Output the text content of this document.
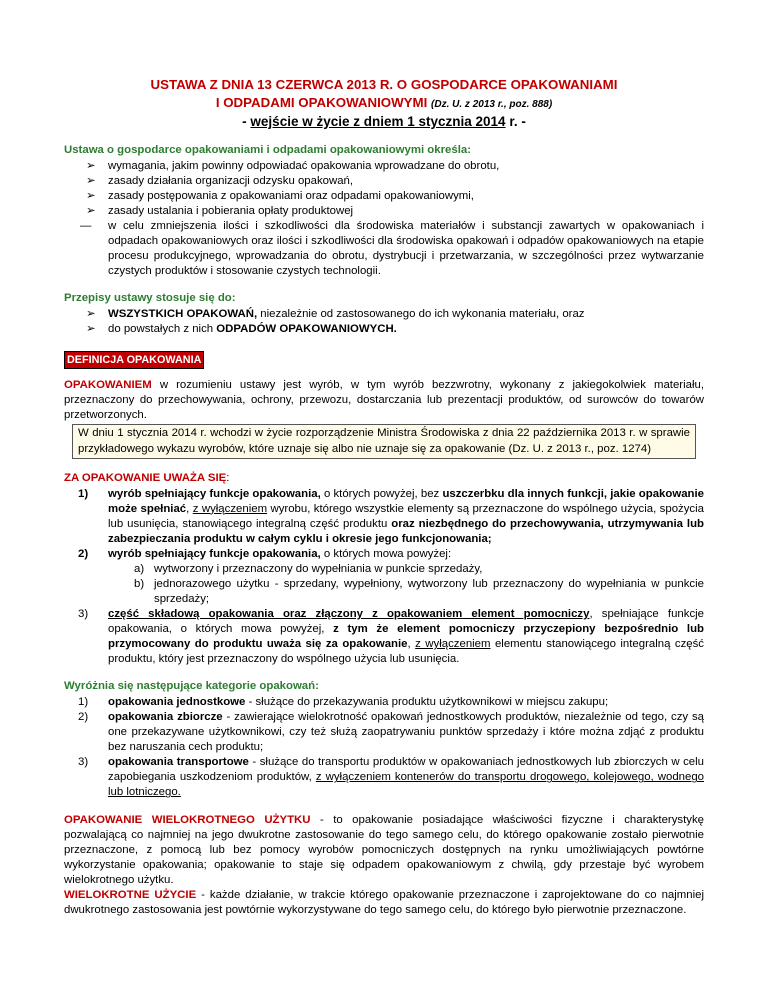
USTAWA Z DNIA 13 CZERWCA 2013 R. O GOSPODARCE OPAKOWANIAMI
I ODPADAMI OPAKOWANIOWYMI (Dz. U. z 2013 r., poz. 888)
- wejście w życie z dniem 1 stycznia 2014 r. -
Ustawa o gospodarce opakowaniami i odpadami opakowaniowymi określa:
➢ wymagania, jakim powinny odpowiadać opakowania wprowadzane do obrotu,
➢ zasady działania organizacji odzysku opakowań,
➢ zasady postępowania z opakowaniami oraz odpadami opakowaniowymi,
➢ zasady ustalania i pobierania opłaty produktowej
— w celu zmniejszenia ilości i szkodliwości dla środowiska materiałów i substancji zawartych w opakowaniach i odpadach opakowaniowych oraz ilości i szkodliwości dla środowiska opakowań i odpadów opakowaniowych na etapie procesu produkcyjnego, wprowadzania do obrotu, dystrybucji i przetwarzania, w szczególności przez wytwarzanie czystych produktów i stosowanie czystych technologii.
Przepisy ustawy stosuje się do:
➢ WSZYSTKICH OPAKOWAŃ, niezależnie od zastosowanego do ich wykonania materiału, oraz
➢ do powstałych z nich ODPADÓW OPAKOWANIOWYCH.
DEFINICJA OPAKOWANIA
OPAKOWANIEM w rozumieniu ustawy jest wyrób, w tym wyrób bezzwrotny, wykonany z jakiegokolwiek materiału, przeznaczony do przechowywania, ochrony, przewozu, dostarczania lub prezentacji produktów, od surowców do towarów przetworzonych.
W dniu 1 stycznia 2014 r. wchodzi w życie rozporządzenie Ministra Środowiska z dnia 22 października 2013 r. w sprawie przykładowego wykazu wyrobów, które uznaje się albo nie uznaje się za opakowanie (Dz. U. z 2013 r., poz. 1274)
ZA OPAKOWANIE UWAŻA SIĘ:
1) wyrób spełniający funkcje opakowania, o których powyżej, bez uszczerbku dla innych funkcji, jakie opakowanie może spełniać, z wyłączeniem wyrobu, którego wszystkie elementy są przeznaczone do wspólnego użycia, spożycia lub usunięcia, stanowiącego integralną część produktu oraz niezbędnego do przechowywania, utrzymywania lub zabezpieczania produktu w całym cyklu i okresie jego funkcjonowania;
2) wyrób spełniający funkcje opakowania, o których mowa powyżej:
a) wytworzony i przeznaczony do wypełniania w punkcie sprzedaży,
b) jednorazowego użytku - sprzedany, wypełniony, wytworzony lub przeznaczony do wypełniania w punkcie sprzedaży;
3) część składową opakowania oraz złączony z opakowaniem element pomocniczy, spełniające funkcje opakowania, o których mowa powyżej, z tym że element pomocniczy przyczepiony bezpośrednio lub przymocowany do produktu uważa się za opakowanie, z wyłączeniem elementu stanowiącego integralną część produktu, który jest przeznaczony do wspólnego użycia lub usunięcia.
Wyróżnia się następujące kategorie opakowań:
1) opakowania jednostkowe - służące do przekazywania produktu użytkownikowi w miejscu zakupu;
2) opakowania zbiorcze - zawierające wielokrotność opakowań jednostkowych produktów, niezależnie od tego, czy są one przekazywane użytkownikowi, czy też służą zaopatrywaniu punktów sprzedaży i które można zdjąć z produktu bez naruszania cech produktu;
3) opakowania transportowe - służące do transportu produktów w opakowaniach jednostkowych lub zbiorczych w celu zapobiegania uszkodzeniom produktów, z wyłączeniem kontenerów do transportu drogowego, kolejowego, wodnego lub lotniczego.
OPAKOWANIE WIELOKROTNEGO UŻYTKU - to opakowanie posiadające właściwości fizyczne i charakterystykę pozwalającą co najmniej na jego dwukrotne zastosowanie do tego samego celu, do którego opakowanie zostało pierwotnie przeznaczone, z pomocą lub bez pomocy wyrobów pomocniczych dostępnych na rynku umożliwiających powtórne wykorzystanie opakowania; opakowanie to staje się odpadem opakowaniowym z chwilą, gdy przestaje być wyrobem wielokrotnego użytku.
WIELOKROTNE UŻYCIE - każde działanie, w trakcie którego opakowanie przeznaczone i zaprojektowane do co najmniej dwukrotnego zastosowania jest powtórnie wykorzystywane do tego samego celu, do którego było pierwotnie przeznaczone.
